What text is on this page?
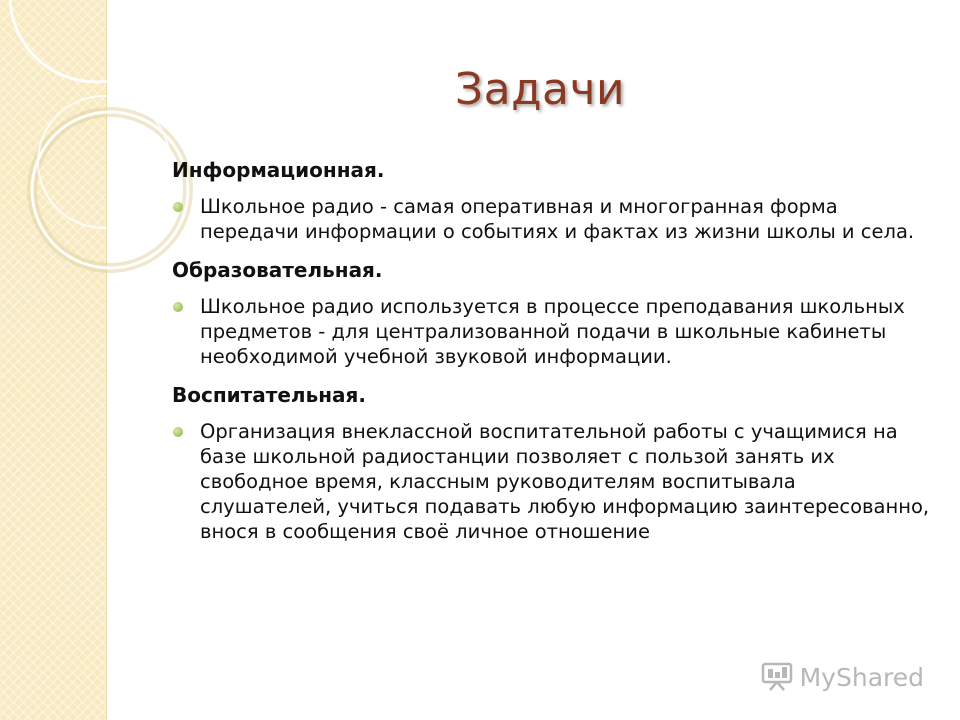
Задачи
Информационная.
Школьное радио - самая оперативная и многогранная форма передачи информации о событиях и фактах из жизни школы и села.
Образовательная.
Школьное радио используется в процессе преподавания школьных предметов - для централизованной подачи в школьные кабинеты необходимой учебной звуковой информации.
Воспитательная.
Организация внеклассной воспитательной работы с учащимися на базе школьной радиостанции позволяет с пользой занять их свободное время, классным руководителям воспитывала слушателей, учиться подавать любую информацию заинтересованно, внося в сообщения своё личное отношение
MyShared
